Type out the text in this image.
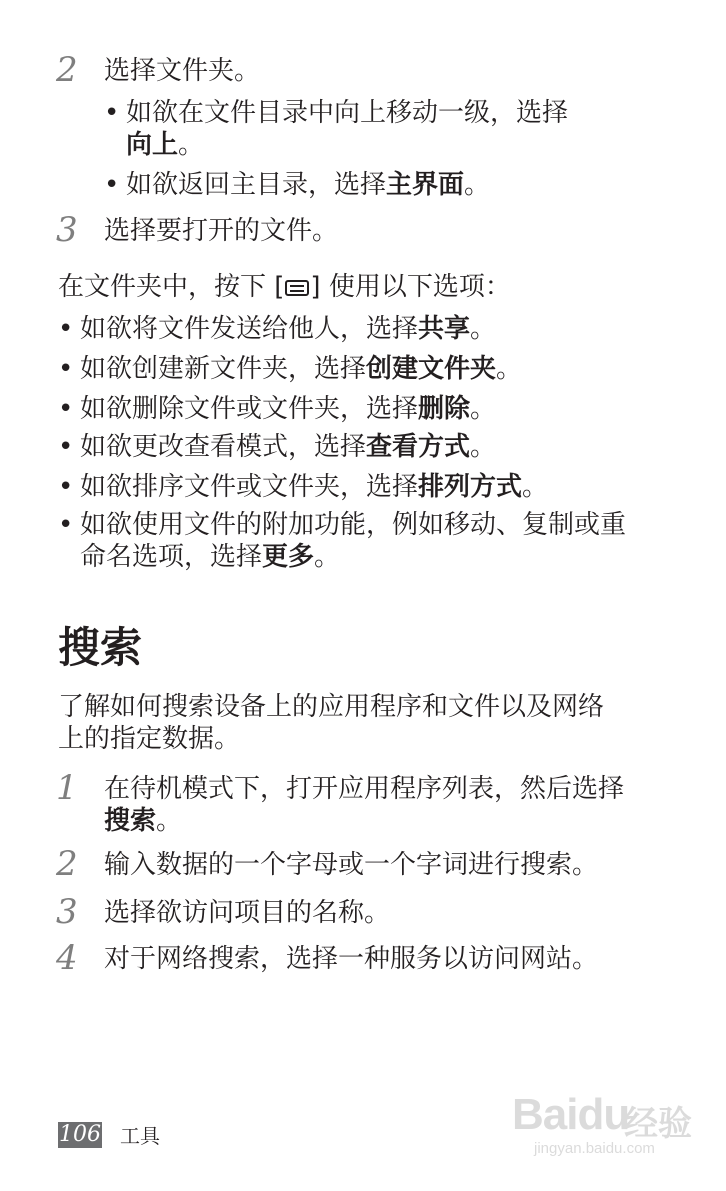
2	选择文件夹。
• 如欲在文件目录中向上移动一级，选择
向上。
• 如欲返回主目录，选择主界面。
3	选择要打开的文件。
在文件夹中，按下 [ ] 使用以下选项：
• 如欲将文件发送给他人，选择共享。
• 如欲创建新文件夹，选择创建文件夹。
• 如欲删除文件或文件夹，选择删除。
• 如欲更改查看模式，选择查看方式。
• 如欲排序文件或文件夹，选择排列方式。
• 如欲使用文件的附加功能，例如移动、复制或重
命名选项，选择更多。
搜索
了解如何搜索设备上的应用程序和文件以及网络
上的指定数据。
1	在待机模式下，打开应用程序列表，然后选择
搜索。
2	输入数据的一个字母或一个字词进行搜索。
3	选择欲访问项目的名称。
4	对于网络搜索，选择一种服务以访问网站。
106 工具	Baidu
经验
jingyan.baidu.com
